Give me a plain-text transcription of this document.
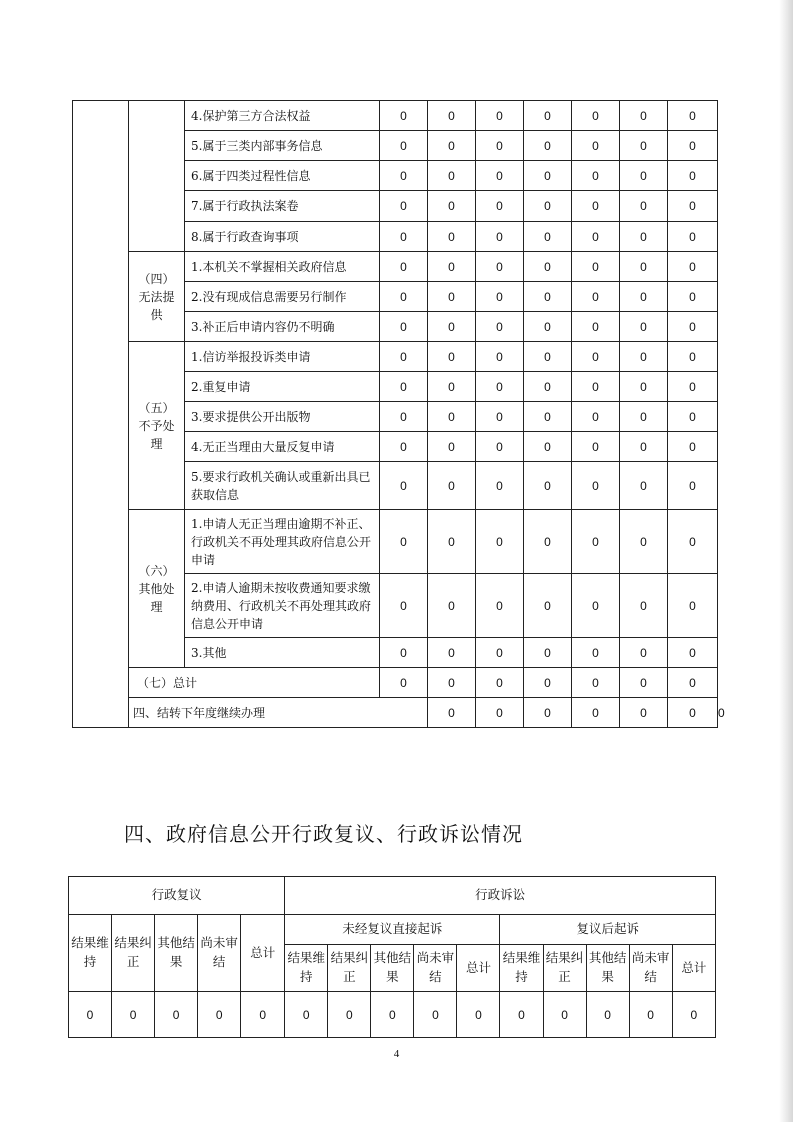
		4.保护第三方合法权益	0	0	0	0	0	0	0	
		5.属于三类内部事务信息	0	0	0	0	0	0	0	
		6.属于四类过程性信息	0	0	0	0	0	0	0	
		7.属于行政执法案卷	0	0	0	0	0	0	0	
		8.属于行政查询事项	0	0	0	0	0	0	0	
	（四）无法提供	1.本机关不掌握相关政府信息	0	0	0	0	0	0	0	
		2.没有现成信息需要另行制作	0	0	0	0	0	0	0	
		3.补正后申请内容仍不明确	0	0	0	0	0	0	0	
	（五）不予处理	1.信访举报投诉类申请	0	0	0	0	0	0	0	
		2.重复申请	0	0	0	0	0	0	0	
		3.要求提供公开出版物	0	0	0	0	0	0	0	
		4.无正当理由大量反复申请	0	0	0	0	0	0	0	
		5.要求行政机关确认或重新出具已获取信息	0	0	0	0	0	0	0	
	（六）其他处理	1.申请人无正当理由逾期不补正、行政机关不再处理其政府信息公开申请	0	0	0	0	0	0	0	
		2.申请人逾期未按收费通知要求缴纳费用、行政机关不再处理其政府信息公开申请	0	0	0	0	0	0	0	
		3.其他	0	0	0	0	0	0	0	
	（七）总计		0	0	0	0	0	0	0	
	四、结转下年度继续办理			0	0	0	0	0	0	0
四、政府信息公开行政复议、行政诉讼情况
行政复议					行政诉讼									
结果维持	结果纠正	其他结果	尚未审结	总计	未经复议直接起诉					复议后起诉				
					结果维持	结果纠正	其他结果	尚未审结	总计	结果维持	结果纠正	其他结果	尚未审结	总计
0	0	0	0	0	0	0	0	0	0	0	0	0	0	0
4
